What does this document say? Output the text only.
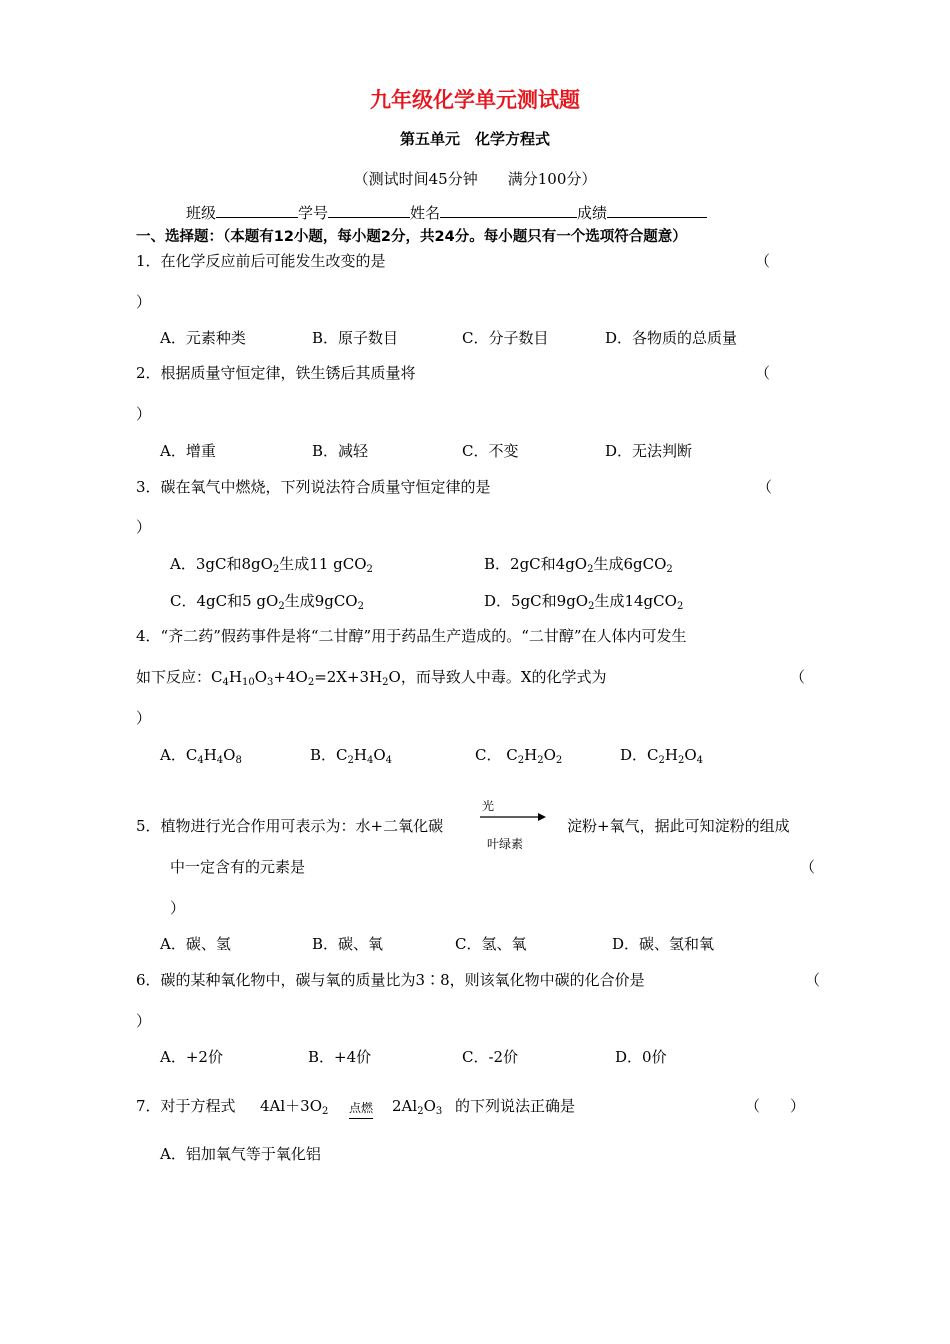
九年级化学单元测试题
第五单元　化学方程式
（测试时间45分钟　　满分100分）
班级	学号	姓名	成绩
一、选择题：（本题有12小题，每小题2分，共24分。每小题只有一个选项符合题意）
1．在化学反应前后可能发生改变的是	（
）
A．元素种类	B．原子数目	C．分子数目	D．各物质的总质量
2．根据质量守恒定律，铁生锈后其质量将	（
）
A．增重	B．减轻	C．不变	D．无法判断
3．碳在氧气中燃烧，下列说法符合质量守恒定律的是	（
）
A．3gC和$8gO_2$生成11 gCO$_2$	B．2gC和$4gO_2$生成6gCO$_2$
C．4gC和5 $gO_2$生成9gCO$_2$	D．5gC和$9gO_2$生成14gCO$_2$
4．“齐二药”假药事件是将“二甘醇”用于药品生产造成的。“二甘醇”在人体内可发生
如下反应：$C_4H_{10}O_3+4O_2=2X+3H_2O$，而导致人中毒。X的化学式为	（
）
A．$C_4H_4O_8$	B．$C_2H_4O_4$	C． $C_2H_2O_2$	D．$C_2H_2O_4$
5．植物进行光合作用可表示为：水+二氧化碳
光
叶绿素
淀粉+氧气，据此可知淀粉的组成
中一定含有的元素是	（
）
A．碳、氢	B．碳、氧	C．氢、氧	D．碳、氢和氧
6．碳的某种氧化物中，碳与氧的质量比为3∶8，则该氧化物中碳的化合价是	（
）
A．+2价	B．+4价	C．-2价	D．0价
7．对于方程式 $4Al+3O_2$ 点燃 $2Al_2O_3$ 的下列说法正确是	（　　）
A．铝加氧气等于氧化铝
